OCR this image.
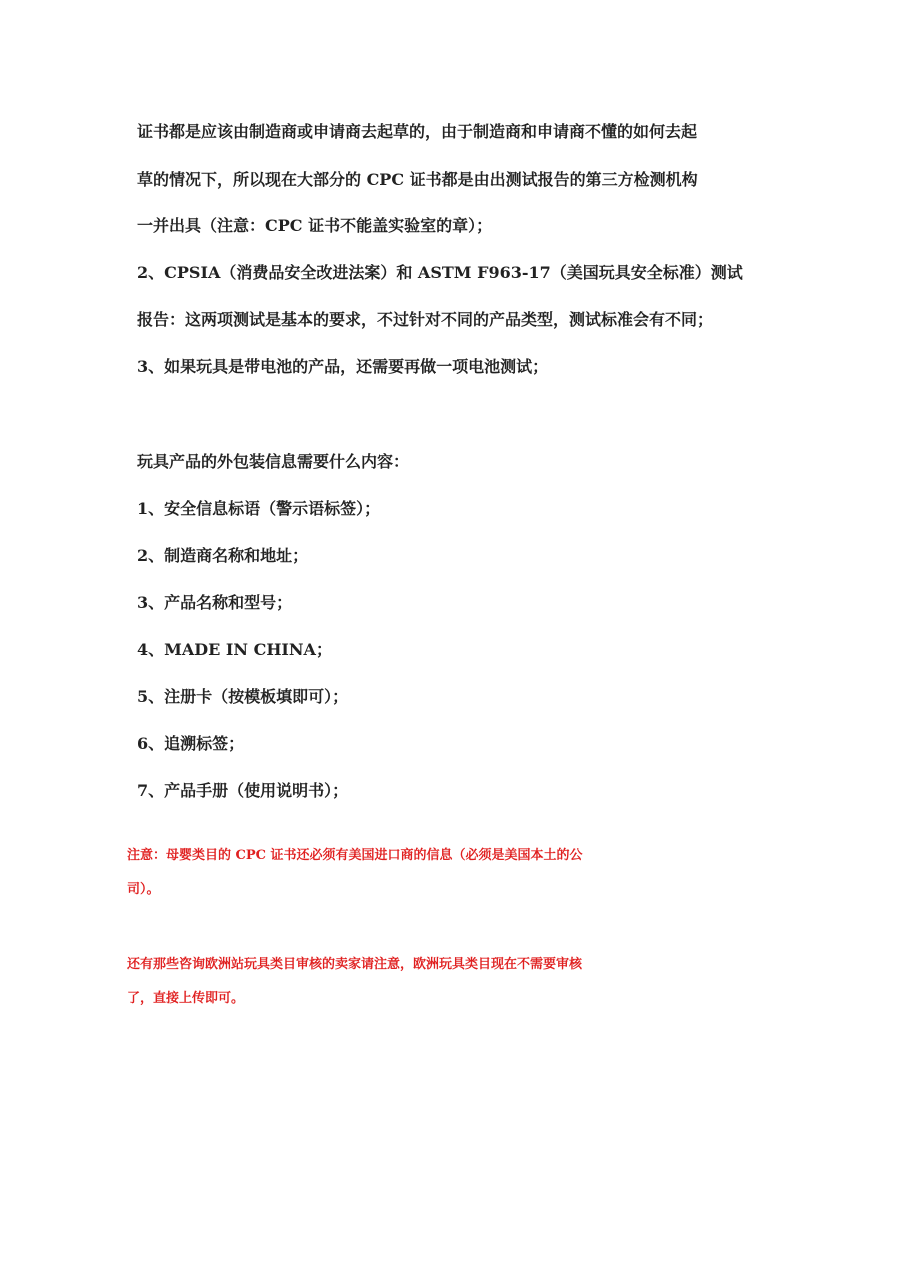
证书都是应该由制造商或申请商去起草的，由于制造商和申请商不懂的如何去起
草的情况下，所以现在大部分的 CPC 证书都是由出测试报告的第三方检测机构
一并出具（注意：CPC 证书不能盖实验室的章）；
2、CPSIA（消费品安全改进法案）和 ASTM F963-17（美国玩具安全标准）测试
报告：这两项测试是基本的要求，不过针对不同的产品类型，测试标准会有不同；
3、如果玩具是带电池的产品，还需要再做一项电池测试；
玩具产品的外包装信息需要什么内容：
1、安全信息标语（警示语标签）；
2、制造商名称和地址；
3、产品名称和型号；
4、MADE IN CHINA；
5、注册卡（按模板填即可）；
6、追溯标签；
7、产品手册（使用说明书）；
注意：母婴类目的 CPC 证书还必须有美国进口商的信息（必须是美国本土的公
司）。
还有那些咨询欧洲站玩具类目审核的卖家请注意，欧洲玩具类目现在不需要审核
了，直接上传即可。
